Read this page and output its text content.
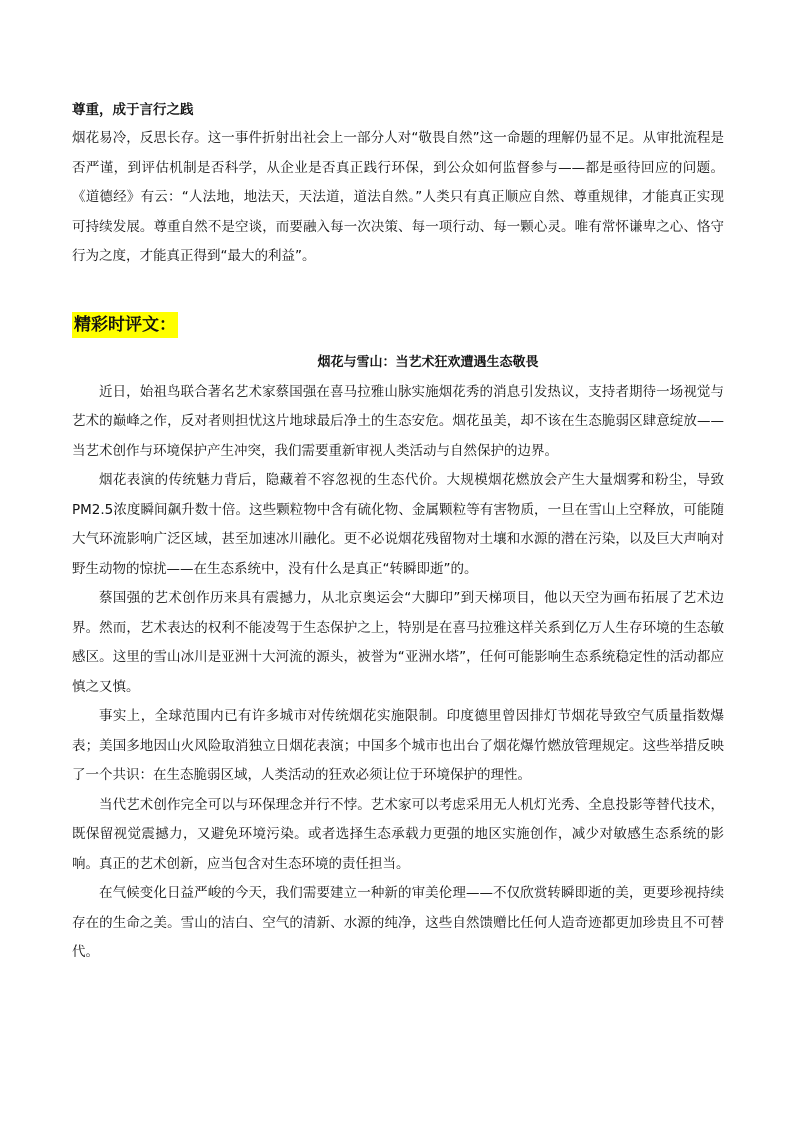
尊重，成于言行之践

烟花易冷，反思长存。这一事件折射出社会上一部分人对“敬畏自然”这一命题的理解仍显不足。从审批流程是否严谨，到评估机制是否科学，从企业是否真正践行环保，到公众如何监督参与——都是亟待回应的问题。《道德经》有云：“人法地，地法天，天法道，道法自然。”人类只有真正顺应自然、尊重规律，才能真正实现可持续发展。尊重自然不是空谈，而要融入每一次决策、每一项行动、每一颗心灵。唯有常怀谦卑之心、恪守行为之度，才能真正得到“最大的利益”。

精彩时评文：

烟花与雪山：当艺术狂欢遭遇生态敬畏

近日，始祖鸟联合著名艺术家蔡国强在喜马拉雅山脉实施烟花秀的消息引发热议，支持者期待一场视觉与艺术的巅峰之作，反对者则担忧这片地球最后净土的生态安危。烟花虽美，却不该在生态脆弱区肆意绽放——当艺术创作与环境保护产生冲突，我们需要重新审视人类活动与自然保护的边界。

烟花表演的传统魅力背后，隐藏着不容忽视的生态代价。大规模烟花燃放会产生大量烟雾和粉尘，导致PM2.5浓度瞬间飙升数十倍。这些颗粒物中含有硫化物、金属颗粒等有害物质，一旦在雪山上空释放，可能随大气环流影响广泛区域，甚至加速冰川融化。更不必说烟花残留物对土壤和水源的潜在污染，以及巨大声响对野生动物的惊扰——在生态系统中，没有什么是真正“转瞬即逝”的。

蔡国强的艺术创作历来具有震撼力，从北京奥运会“大脚印”到天梯项目，他以天空为画布拓展了艺术边界。然而，艺术表达的权利不能凌驾于生态保护之上，特别是在喜马拉雅这样关系到亿万人生存环境的生态敏感区。这里的雪山冰川是亚洲十大河流的源头，被誉为“亚洲水塔”，任何可能影响生态系统稳定性的活动都应慎之又慎。

事实上，全球范围内已有许多城市对传统烟花实施限制。印度德里曾因排灯节烟花导致空气质量指数爆表；美国多地因山火风险取消独立日烟花表演；中国多个城市也出台了烟花爆竹燃放管理规定。这些举措反映了一个共识：在生态脆弱区域，人类活动的狂欢必须让位于环境保护的理性。

当代艺术创作完全可以与环保理念并行不悖。艺术家可以考虑采用无人机灯光秀、全息投影等替代技术，既保留视觉震撼力，又避免环境污染。或者选择生态承载力更强的地区实施创作，减少对敏感生态系统的影响。真正的艺术创新，应当包含对生态环境的责任担当。

在气候变化日益严峻的今天，我们需要建立一种新的审美伦理——不仅欣赏转瞬即逝的美，更要珍视持续存在的生命之美。雪山的洁白、空气的清新、水源的纯净，这些自然馈赠比任何人造奇迹都更加珍贵且不可替代。
